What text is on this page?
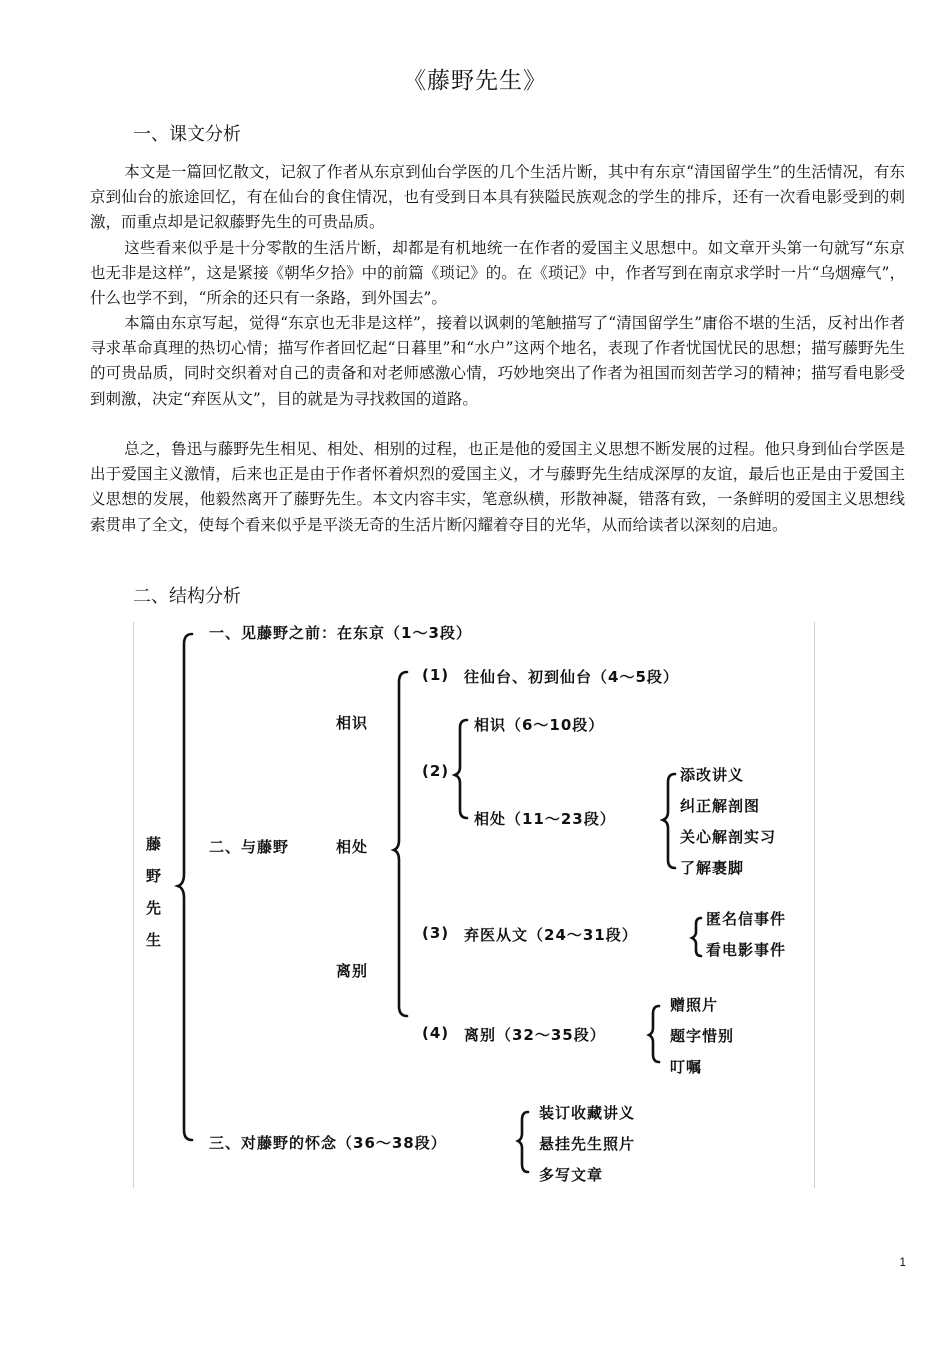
《藤野先生》
一、课文分析

本文是一篇回忆散文，记叙了作者从东京到仙台学医的几个生活片断，其中有东京“清国留学生”的生活情况，有东京到仙台的旅途回忆，有在仙台的食住情况，也有受到日本具有狭隘民族观念的学生的排斥，还有一次看电影受到的刺激，而重点却是记叙藤野先生的可贵品质。

这些看来似乎是十分零散的生活片断，却都是有机地统一在作者的爱国主义思想中。如文章开头第一句就写“东京也无非是这样”，这是紧接《朝华夕拾》中的前篇《琐记》的。在《琐记》中，作者写到在南京求学时一片“乌烟瘴气”，什么也学不到，“所余的还只有一条路，到外国去”。

本篇由东京写起，觉得“东京也无非是这样”，接着以讽刺的笔触描写了“清国留学生”庸俗不堪的生活，反衬出作者寻求革命真理的热切心情；描写作者回忆起“日暮里”和“水户”这两个地名，表现了作者忧国忧民的思想；描写藤野先生的可贵品质，同时交织着对自己的责备和对老师感激心情，巧妙地突出了作者为祖国而刻苦学习的精神；描写看电影受到刺激，决定“弃医从文”，目的就是为寻找救国的道路。

总之，鲁迅与藤野先生相见、相处、相别的过程，也正是他的爱国主义思想不断发展的过程。他只身到仙台学医是出于爱国主义激情，后来也正是由于作者怀着炽烈的爱国主义，才与藤野先生结成深厚的友谊，最后也正是由于爱国主义思想的发展，他毅然离开了藤野先生。本文内容丰实，笔意纵横，形散神凝，错落有致，一条鲜明的爱国主义思想线索贯串了全文，使每个看来似乎是平淡无奇的生活片断闪耀着夺目的光华，从而给读者以深刻的启迪。

二、结构分析
藤野先生
一、见藤野之前：在东京（1～3段）
二、与藤野
三、对藤野的怀念（36～38段）
相识
相处
离别
(1) 往仙台、初到仙台（4～5段）
(2)
相识（6～10段）
相处（11～23段）
添改讲义
纠正解剖图
关心解剖实习
了解裹脚
(3) 弃医从文（24～31段）
匿名信事件
看电影事件
(4) 离别（32～35段）
赠照片
题字惜别
叮嘱
装订收藏讲义
悬挂先生照片
多写文章
1
